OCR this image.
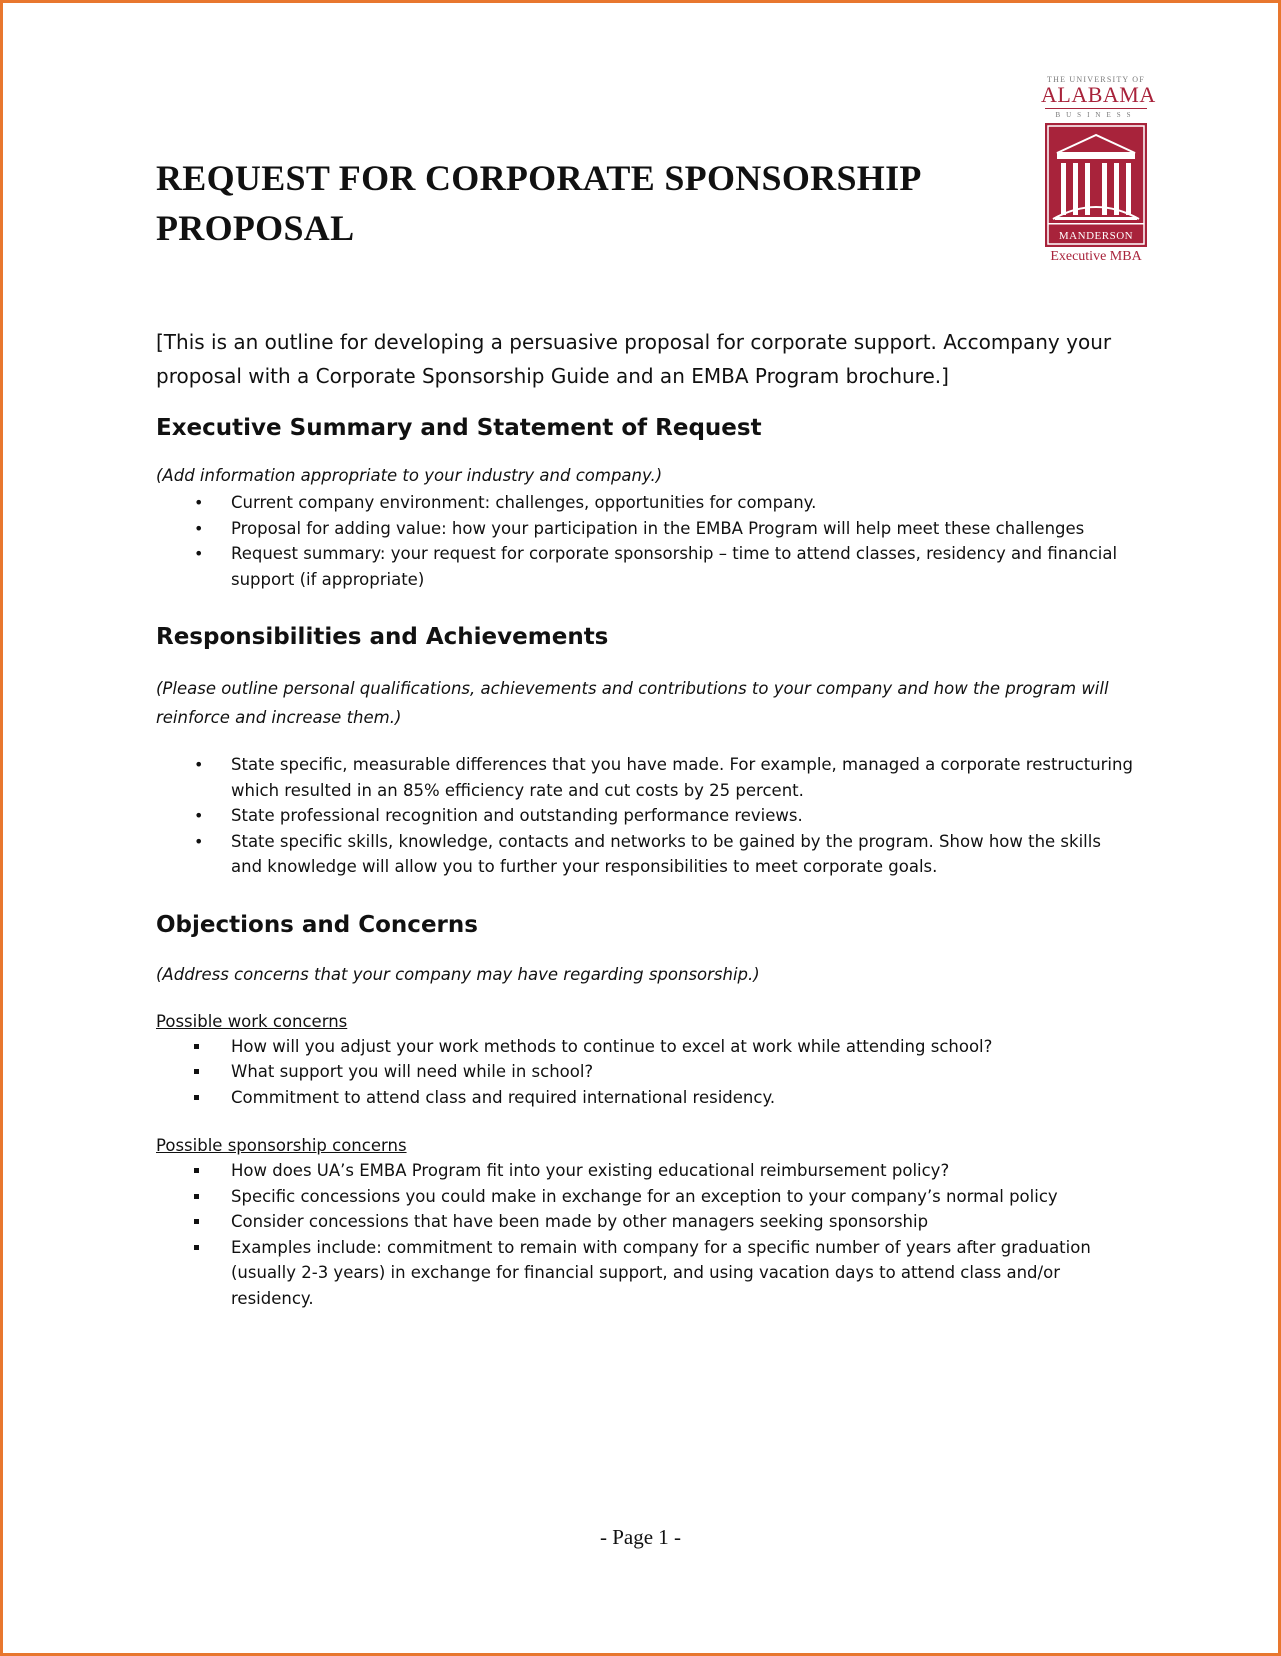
THE UNIVERSITY OF
ALABAMA
BUSINESS
MANDERSON
Executive MBA
REQUEST FOR CORPORATE SPONSORSHIP PROPOSAL

[This is an outline for developing a persuasive proposal for corporate support. Accompany your proposal with a Corporate Sponsorship Guide and an EMBA Program brochure.]

Executive Summary and Statement of Request

(Add information appropriate to your industry and company.)

•
Current company environment: challenges, opportunities for company.
•
Proposal for adding value: how your participation in the EMBA Program will help meet these challenges
•
Request summary: your request for corporate sponsorship – time to attend classes, residency and financial support (if appropriate)
Responsibilities and Achievements

(Please outline personal qualifications, achievements and contributions to your company and how the program will reinforce and increase them.)

•
State specific, measurable differences that you have made. For example, managed a corporate restructuring which resulted in an 85% efficiency rate and cut costs by 25 percent.
•
State professional recognition and outstanding performance reviews.
•
State specific skills, knowledge, contacts and networks to be gained by the program. Show how the skills and knowledge will allow you to further your responsibilities to meet corporate goals.
Objections and Concerns

(Address concerns that your company may have regarding sponsorship.)

Possible work concerns

How will you adjust your work methods to continue to excel at work while attending school?
What support you will need while in school?
Commitment to attend class and required international residency.

Possible sponsorship concerns

How does UA’s EMBA Program fit into your existing educational reimbursement policy?
Specific concessions you could make in exchange for an exception to your company’s normal policy
Consider concessions that have been made by other managers seeking sponsorship
Examples include: commitment to remain with company for a specific number of years after graduation (usually 2-3 years) in exchange for financial support, and using vacation days to attend class and/or residency.
- Page 1 -
